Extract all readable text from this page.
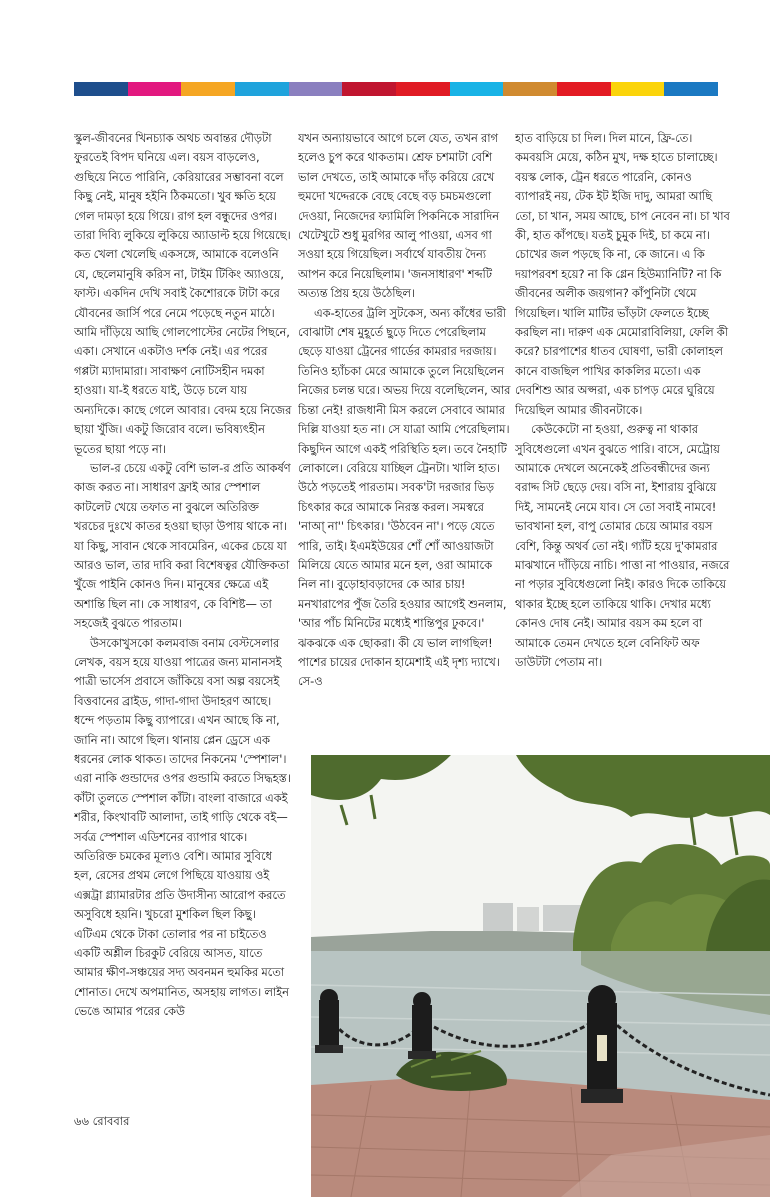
স্কুল-জীবনের খিনচ্যাক অথচ অবান্তর দৌড়টা ফুরতেই বিপদ ঘনিয়ে এল। বয়স বাড়লেও, গুছিয়ে নিতে পারিনি, কেরিয়ারের সম্ভাবনা বলে কিছু নেই, মানুষ হইনি ঠিকমতো। খুব ক্ষতি হয়ে গেল দামড়া হয়ে গিয়ে। রাগ হল বন্ধুদের ওপর। তারা দিব্যি লুকিয়ে লুকিয়ে অ্যাডাল্ট হয়ে গিয়েছে। কত খেলা খেলেছি একসঙ্গে, আমাকে বলেওনি যে, ছেলেমানুষি করিস না, টাইম টিকিং অ্যাওয়ে, ফাস্ট। একদিন দেখি সবাই কৈশোরকে টাটা করে যৌবনের জার্সি পরে নেমে পড়েছে নতুন মাঠে। আমি দাঁড়িয়ে আছি গোলপোস্টের নেটের পিছনে, একা। সেখানে একটাও দর্শক নেই। এর পরের গপ্পটা ম্যাদামারা। সাবাক্ষণ নোটিসহীন দমকা হাওয়া। যা-ই ধরতে যাই, উড়ে চলে যায় অন্যদিকে। কাছে গেলে আবার। বেদম হয়ে নিজের ছায়া খুঁজি। একটু জিরোব বলে। ভবিষ্যৎহীন ভূতের ছায়া পড়ে না।

ভাল-র চেয়ে একটু বেশি ভাল-র প্রতি আকর্ষণ কাজ করত না। সাধারণ ফ্রাই আর স্পেশাল কাটলেট খেয়ে তফাত না বুঝলে অতিরিক্ত খরচের দুঃখে কাতর হওয়া ছাড়া উপায় থাকে না। যা কিছু, সাবান থেকে সাবমেরিন, একের চেয়ে যা আরও ভাল, তার দাবি করা বিশেষত্বর যৌক্তিকতা খুঁজে পাইনি কোনও দিন। মানুষের ক্ষেত্রে এই অশান্তি ছিল না। কে সাধারণ, কে বিশিষ্ট— তা সহজেই বুঝতে পারতাম।

উসকোখুসকো কলমবাজ বনাম বেস্টসেলার লেখক, বয়স হয়ে যাওয়া পাত্রের জন্য মানানসই পাত্রী ভার্সেস প্রবাসে জাঁকিয়ে বসা অল্প বয়সেই বিত্তবানের ব্রাইড, গাদা-গাদা উদাহরণ আছে। ধন্দে পড়তাম কিছু ব্যাপারে। এখন আছে কি না, জানি না। আগে ছিল। থানায় প্লেন ড্রেসে এক ধরনের লোক থাকত। তাদের নিকনেম 'স্পেশাল'। এরা নাকি গুন্ডাদের ওপর গুন্ডামি করতে সিদ্ধহস্ত। কাঁটা তুলতে স্পেশাল কাঁটা। বাংলা বাজারে একই শরীর, কিংখাবটি আলাদা, তাই গাড়ি থেকে বই— সর্বত্র স্পেশাল এডিশনের ব্যাপার থাকে। অতিরিক্ত চমকের মূল্যও বেশি। আমার সুবিধে হল, রেসের প্রথম লেগে পিছিয়ে যাওয়ায় ওই এক্সট্রা গ্ল্যামারটার প্রতি উদাসীন্য আরোপ করতে অসুবিধে হয়নি। খুচরো মুশকিল ছিল কিছু। এটিএম থেকে টাকা তোলার পর না চাইতেও একটি অশ্লীল চিরকুট বেরিয়ে আসত, যাতে আমার ক্ষীণ-সঞ্চয়ের সদ্য অবনমন হুমকির মতো শোনাত। দেখে অপমানিত, অসহায় লাগত। লাইন ভেঙে আমার পরের কেউ

যখন অন্যায়ভাবে আগে চলে যেত, তখন রাগ হলেও চুপ করে থাকতাম। শ্রেফ চশমাটা বেশি ভাল দেখতে, তাই আমাকে দাঁড় করিয়ে রেখে হুমদো খদ্দেরকে বেছে বেছে বড় চমচমগুলো দেওয়া, নিজেদের ফ্যামিলি পিকনিকে সারাদিন খেটেখুটে শুধু মুরগির আলু পাওয়া, এসব গা সওয়া হয়ে গিয়েছিল। সর্বার্থে যাবতীয় দৈন্য আপন করে নিয়েছিলাম। 'জনসাধারণ' শব্দটি অত্যন্ত প্রিয় হয়ে উঠেছিল।

এক-হাতের ট্রলি সুটকেস, অন্য কাঁধের ভারী বোঝাটা শেষ মুহূর্তে ছুড়ে দিতে পেরেছিলাম ছেড়ে যাওয়া ট্রেনের গার্ডের কামরার দরজায়। তিনিও হ্যাঁচকা মেরে আমাকে তুলে নিয়েছিলেন নিজের চলন্ত ঘরে। অভয় দিয়ে বলেছিলেন, আর চিন্তা নেই! রাজধানী মিস করলে সেবাবে আমার দিল্লি যাওয়া হত না। সে যাত্রা আমি পেরেছিলাম। কিছুদিন আগে একই পরিস্থিতি হল। তবে নৈহাটি লোকালে। বেরিয়ে যাচ্ছিল ট্রেনটা। খালি হাত। উঠে পড়তেই পারতাম। সবক'টা দরজার ভিড় চিৎকার করে আমাকে নিরস্ত করল। সমস্বরে 'নাআ্‌ না'' চিৎকার। 'উঠবেন না'। পড়ে যেতে পারি, তাই। ইএমইউয়ের শোঁ শোঁ আওয়াজটা মিলিয়ে যেতে আমার মনে হল, ওরা আমাকে নিল না। বুড়োহাবড়াদের কে আর চায়! মনখারাপের পুঁজ তৈরি হওয়ার আগেই শুনলাম, 'আর পাঁচ মিনিটের মধ্যেই শান্তিপুর ঢুকবে।' ঝকঝকে এক ছোকরা। কী যে ভাল লাগছিল! পাশের চায়ের দোকান হামেশাই এই দৃশ্য দ্যাখে। সে-ও

হাত বাড়িয়ে চা দিল। দিল মানে, ফ্রি-তে। কমবয়সি মেয়ে, কঠিন মুখ, দক্ষ হাতে চালাচ্ছে। বয়স্ক লোক, ট্রেন ধরতে পারেনি, কোনও ব্যাপারই নয়, টেক ইট ইজি দাদু, আমরা আছি তো, চা খান, সময় আছে, চাপ নেবেন না। চা খাব কী, হাত কাঁপছে। যতই চুমুক দিই, চা কমে না। চোখের জল পড়ছে কি না, কে জানে। এ কি দয়াপরবশ হয়ে? না কি গ্লেন হিউম্যানিটি? না কি জীবনের অলীক জয়গান? কাঁপুনিটা থেমে গিয়েছিল। খালি মাটির ভাঁড়টা ফেলতে ইচ্ছে করছিল না। দারুণ এক মেমোরাবিলিয়া, ফেলি কী করে? চারপাশের ধাতব ঘোষণা, ভারী কোলাহল কানে বাজছিল পাখির কাকলির মতো। এক দেবশিশু আর অপ্সরা, এক চাপড় মেরে ঘুরিয়ে দিয়েছিল আমার জীবনটাকে।

কেউকেটো না হওয়া, গুরুত্ব না থাকার সুবিধেগুলো এখন বুঝতে পারি। বাসে, মেট্রোয় আমাকে দেখলে অনেকেই প্রতিবন্ধীদের জন্য বরাদ্দ সিট ছেড়ে দেয়। বসি না, ইশারায় বুঝিয়ে দিই, সামনেই নেমে যাব। সে তো সবাই নামবে! ভাবখানা হল, বাপু তোমার চেয়ে আমার বয়স বেশি, কিন্তু অথর্ব তো নই। গ্যাঁট হয়ে দু'কামরার মাঝখানে দাঁড়িয়ে নাচি। পাত্তা না পাওয়ার, নজরে না পড়ার সুবিধেগুলো নিই। কারও দিকে তাকিয়ে থাকার ইচ্ছে হলে তাকিয়ে থাকি। দেখার মধ্যে কোনও দোষ নেই। আমার বয়স কম হলে বা আমাকে তেমন দেখতে হলে বেনিফিট অফ ডাউটটা পেতাম না।

৬৬ রোববার
